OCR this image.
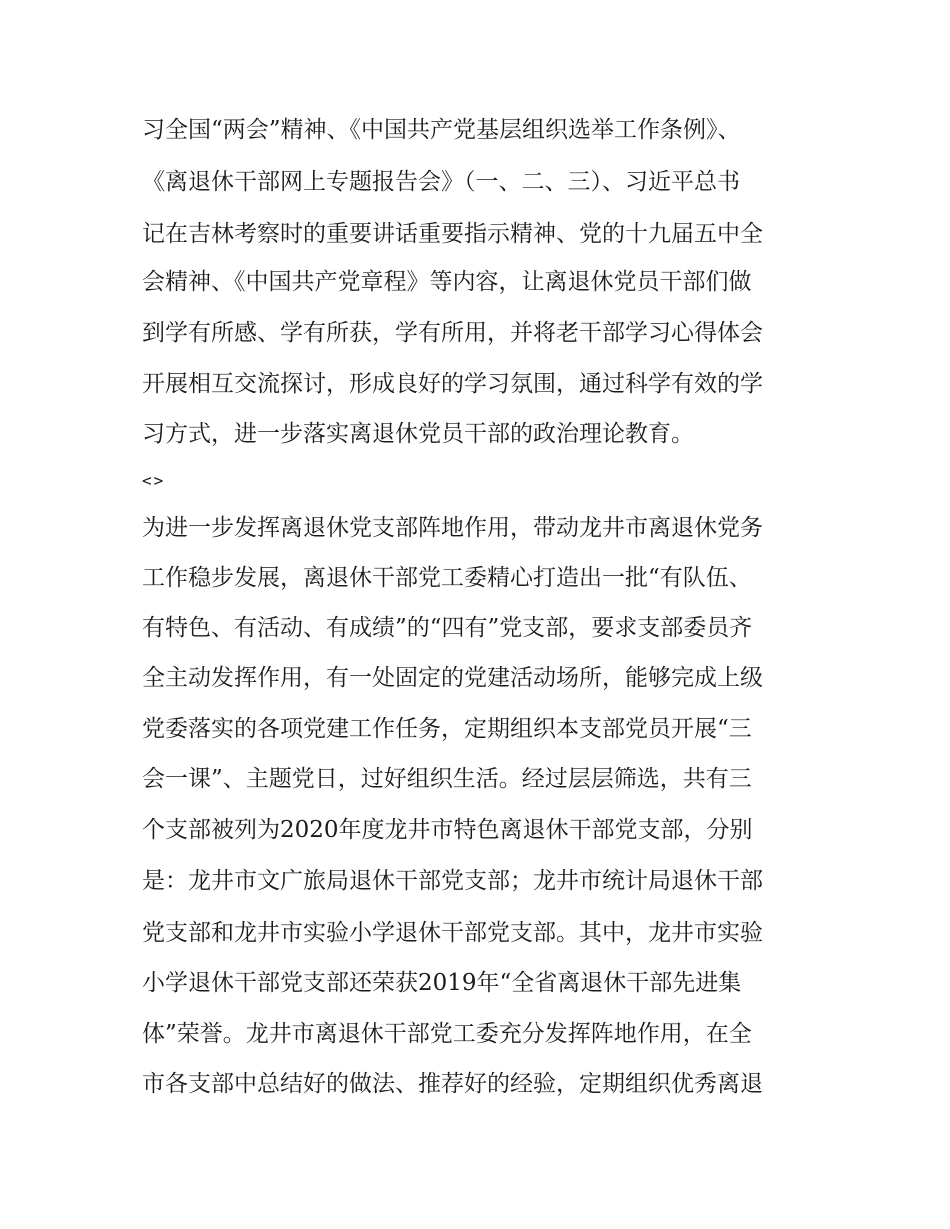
习全国“两会”精神、《中国共产党基层组织选举工作条例》、
《离退休干部网上专题报告会》（一、二、三）、习近平总书
记在吉林考察时的重要讲话重要指示精神、党的十九届五中全
会精神、《中国共产党章程》等内容，让离退休党员干部们做
到学有所感、学有所获，学有所用，并将老干部学习心得体会
开展相互交流探讨，形成良好的学习氛围，通过科学有效的学
习方式，进一步落实离退休党员干部的政治理论教育。
<>
为进一步发挥离退休党支部阵地作用，带动龙井市离退休党务
工作稳步发展，离退休干部党工委精心打造出一批“有队伍、
有特色、有活动、有成绩”的“四有”党支部，要求支部委员齐
全主动发挥作用，有一处固定的党建活动场所，能够完成上级
党委落实的各项党建工作任务，定期组织本支部党员开展“三
会一课”、主题党日，过好组织生活。经过层层筛选，共有三
个支部被列为2020年度龙井市特色离退休干部党支部，分别
是：龙井市文广旅局退休干部党支部；龙井市统计局退休干部
党支部和龙井市实验小学退休干部党支部。其中，龙井市实验
小学退休干部党支部还荣获2019年“全省离退休干部先进集
体”荣誉。龙井市离退休干部党工委充分发挥阵地作用，在全
市各支部中总结好的做法、推荐好的经验，定期组织优秀离退
